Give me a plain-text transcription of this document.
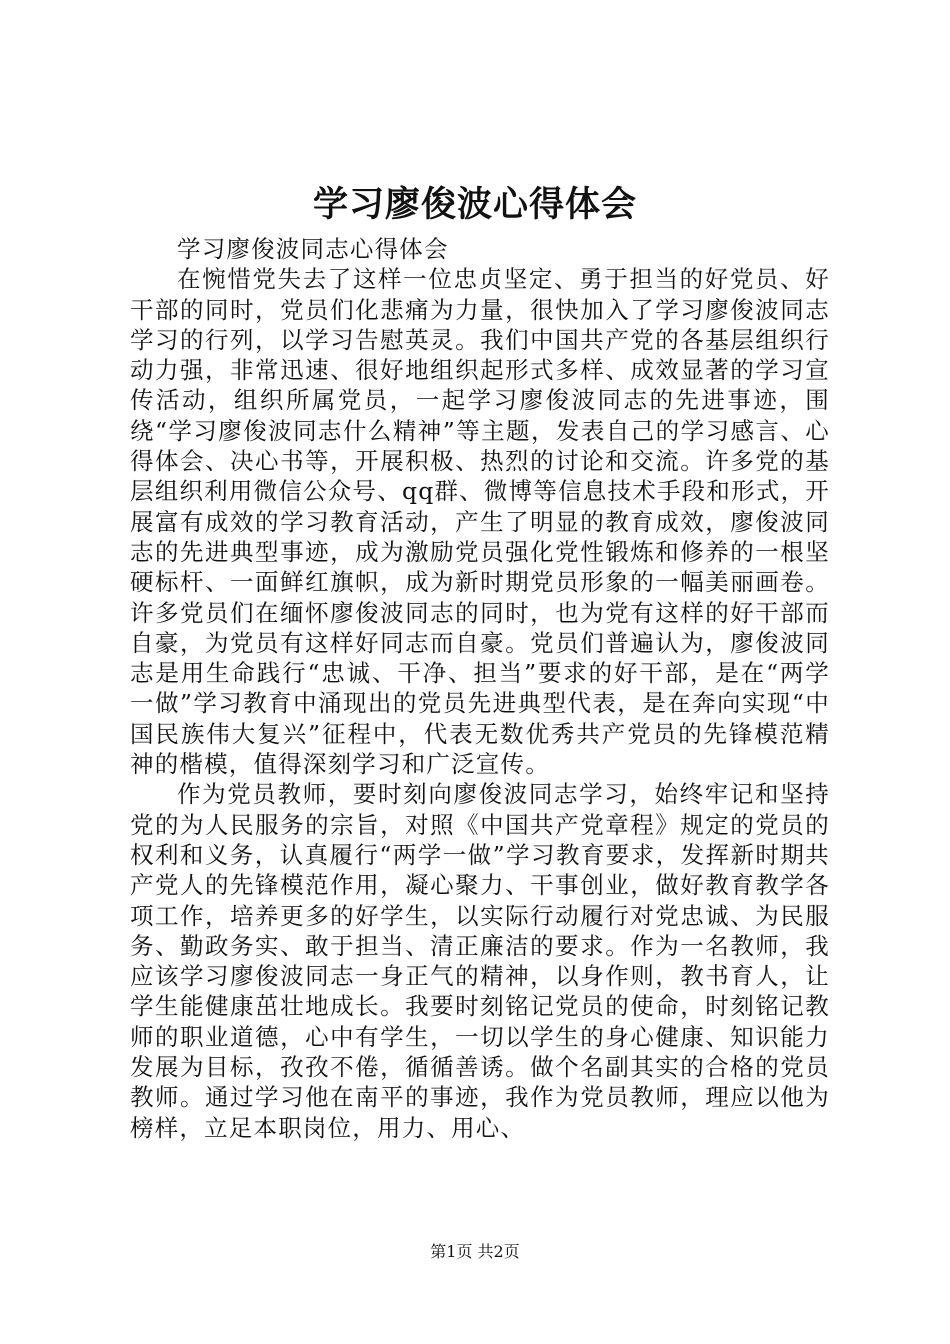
学习廖俊波心得体会

学习廖俊波同志心得体会

在惋惜党失去了这样一位忠贞坚定、勇于担当的好党员、好干部的同时，党员们化悲痛为力量，很快加入了学习廖俊波同志学习的行列，以学习告慰英灵。我们中国共产党的各基层组织行动力强，非常迅速、很好地组织起形式多样、成效显著的学习宣传活动，组织所属党员，一起学习廖俊波同志的先进事迹，围绕“学习廖俊波同志什么精神”等主题，发表自己的学习感言、心得体会、决心书等，开展积极、热烈的讨论和交流。许多党的基层组织利用微信公众号、qq群、微博等信息技术手段和形式，开展富有成效的学习教育活动，产生了明显的教育成效，廖俊波同志的先进典型事迹，成为激励党员强化党性锻炼和修养的一根坚硬标杆、一面鲜红旗帜，成为新时期党员形象的一幅美丽画卷。许多党员们在缅怀廖俊波同志的同时，也为党有这样的好干部而自豪，为党员有这样好同志而自豪。党员们普遍认为，廖俊波同志是用生命践行“忠诚、干净、担当”要求的好干部，是在“两学一做”学习教育中涌现出的党员先进典型代表，是在奔向实现“中国民族伟大复兴”征程中，代表无数优秀共产党员的先锋模范精神的楷模，值得深刻学习和广泛宣传。

作为党员教师，要时刻向廖俊波同志学习，始终牢记和坚持党的为人民服务的宗旨，对照《中国共产党章程》规定的党员的权利和义务，认真履行“两学一做”学习教育要求，发挥新时期共产党人的先锋模范作用，凝心聚力、干事创业，做好教育教学各项工作，培养更多的好学生，以实际行动履行对党忠诚、为民服务、勤政务实、敢于担当、清正廉洁的要求。作为一名教师，我应该学习廖俊波同志一身正气的精神，以身作则，教书育人，让学生能健康茁壮地成长。我要时刻铭记党员的使命，时刻铭记教师的职业道德，心中有学生，一切以学生的身心健康、知识能力发展为目标，孜孜不倦，循循善诱。做个名副其实的合格的党员教师。通过学习他在南平的事迹，我作为党员教师，理应以他为榜样，立足本职岗位，用力、用心、

第1页 共2页
